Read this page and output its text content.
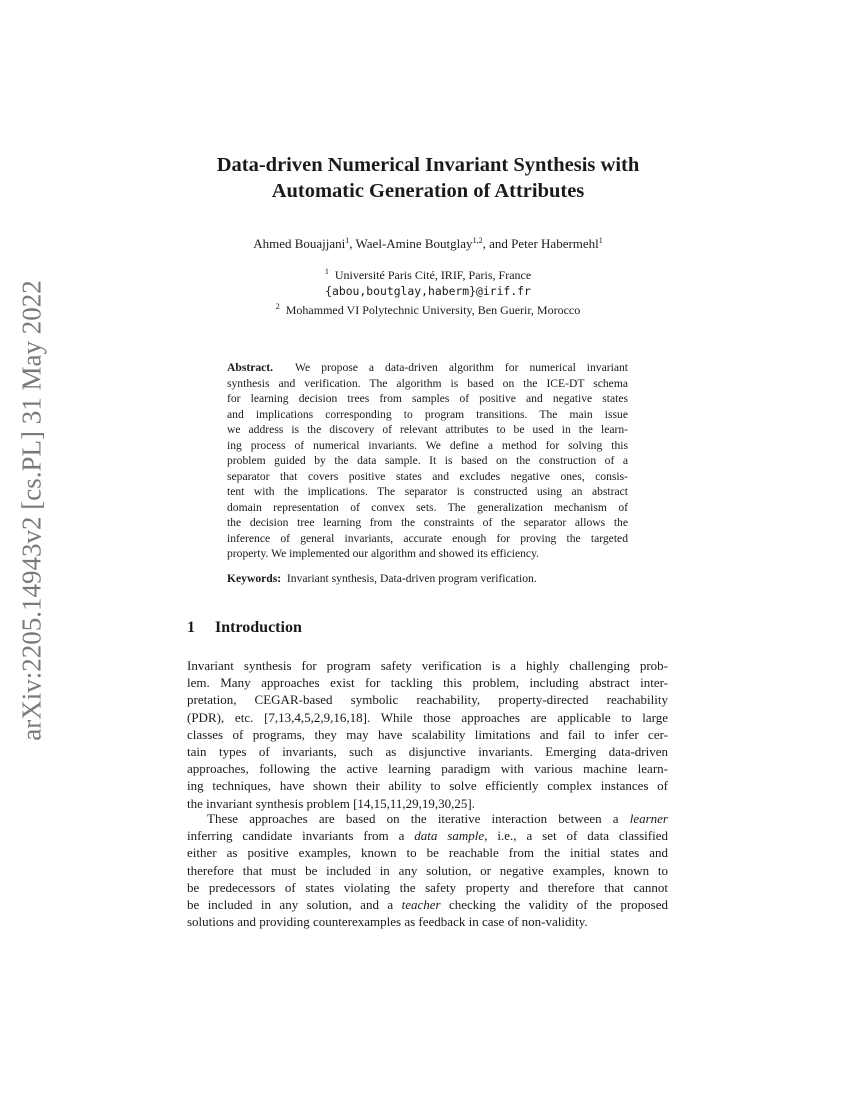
arXiv:2205.14943v2 [cs.PL] 31 May 2022
Data-driven Numerical Invariant Synthesis with
Automatic Generation of Attributes
Ahmed Bouajjani$^1$, Wael-Amine Boutglay$^{1,2}$, and Peter Habermehl$^1$
$^1$ Université Paris Cité, IRIF, Paris, France
{abou,boutglay,haberm}@irif.fr
$^2$ Mohammed VI Polytechnic University, Ben Guerir, Morocco
Abstract. We propose a data-driven algorithm for numerical invariant
synthesis and verification. The algorithm is based on the ICE-DT schema
for learning decision trees from samples of positive and negative states
and implications corresponding to program transitions. The main issue
we address is the discovery of relevant attributes to be used in the learn-
ing process of numerical invariants. We define a method for solving this
problem guided by the data sample. It is based on the construction of a
separator that covers positive states and excludes negative ones, consis-
tent with the implications. The separator is constructed using an abstract
domain representation of convex sets. The generalization mechanism of
the decision tree learning from the constraints of the separator allows the
inference of general invariants, accurate enough for proving the targeted
property. We implemented our algorithm and showed its efficiency.
Keywords: Invariant synthesis, Data-driven program verification.
1 Introduction
Invariant synthesis for program safety verification is a highly challenging prob-
lem. Many approaches exist for tackling this problem, including abstract inter-
pretation, CEGAR-based symbolic reachability, property-directed reachability
(PDR), etc. [7,13,4,5,2,9,16,18]. While those approaches are applicable to large
classes of programs, they may have scalability limitations and fail to infer cer-
tain types of invariants, such as disjunctive invariants. Emerging data-driven
approaches, following the active learning paradigm with various machine learn-
ing techniques, have shown their ability to solve efficiently complex instances of
the invariant synthesis problem [14,15,11,29,19,30,25].
These approaches are based on the iterative interaction between a learner
inferring candidate invariants from a data sample, i.e., a set of data classified
either as positive examples, known to be reachable from the initial states and
therefore that must be included in any solution, or negative examples, known to
be predecessors of states violating the safety property and therefore that cannot
be included in any solution, and a teacher checking the validity of the proposed
solutions and providing counterexamples as feedback in case of non-validity.
